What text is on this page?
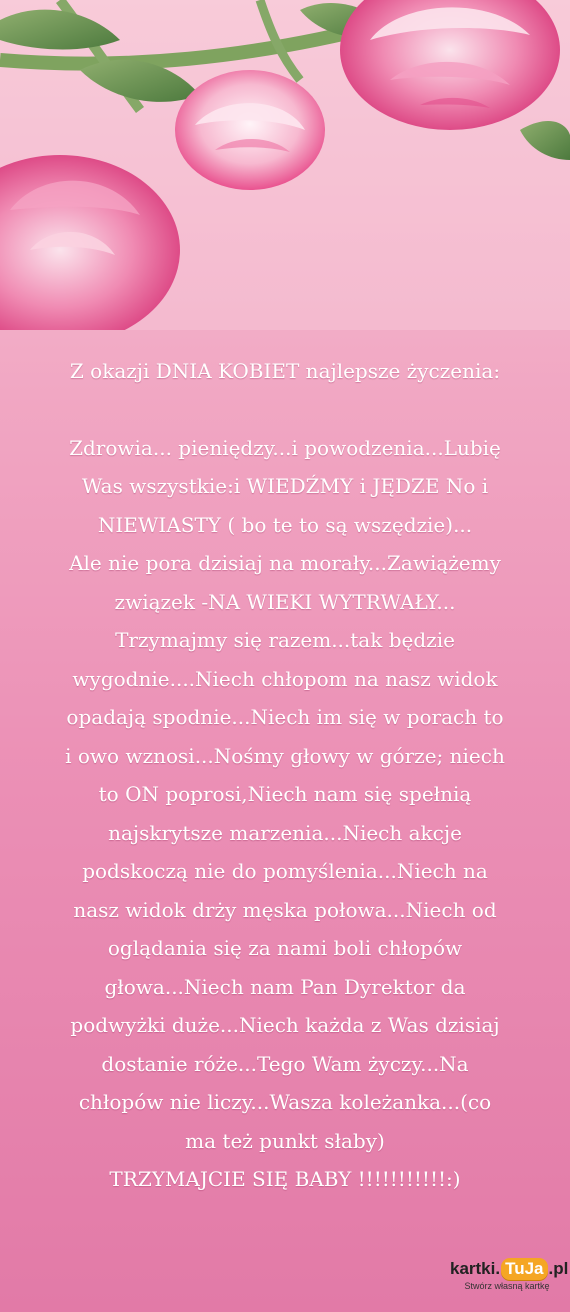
Z okazji DNIA KOBIET najlepsze życzenia:

Zdrowia... pieniędzy...i powodzenia...Lubię

Was wszystkie:i WIEDŹMY i JĘDZE No i

NIEWIASTY ( bo te to są wszędzie)...

Ale nie pora dzisiaj na morały...Zawiążemy

związek -NA WIEKI WYTRWAŁY...

Trzymajmy się razem...tak będzie

wygodnie....Niech chłopom na nasz widok

opadają spodnie...Niech im się w porach to

i owo wznosi...Nośmy głowy w górze; niech

to ON poprosi,Niech nam się spełnią

najskrytsze marzenia...Niech akcje

podskoczą nie do pomyślenia...Niech na

nasz widok drży męska połowa...Niech od

oglądania się za nami boli chłopów

głowa...Niech nam Pan Dyrektor da

podwyżki duże...Niech każda z Was dzisiaj

dostanie róże...Tego Wam życzy...Na

chłopów nie liczy...Wasza koleżanka...(co

ma też punkt słaby)

TRZYMAJCIE SIĘ BABY !!!!!!!!!!!:)

kartki. TuJa .pl
Stwórz własną kartkę
